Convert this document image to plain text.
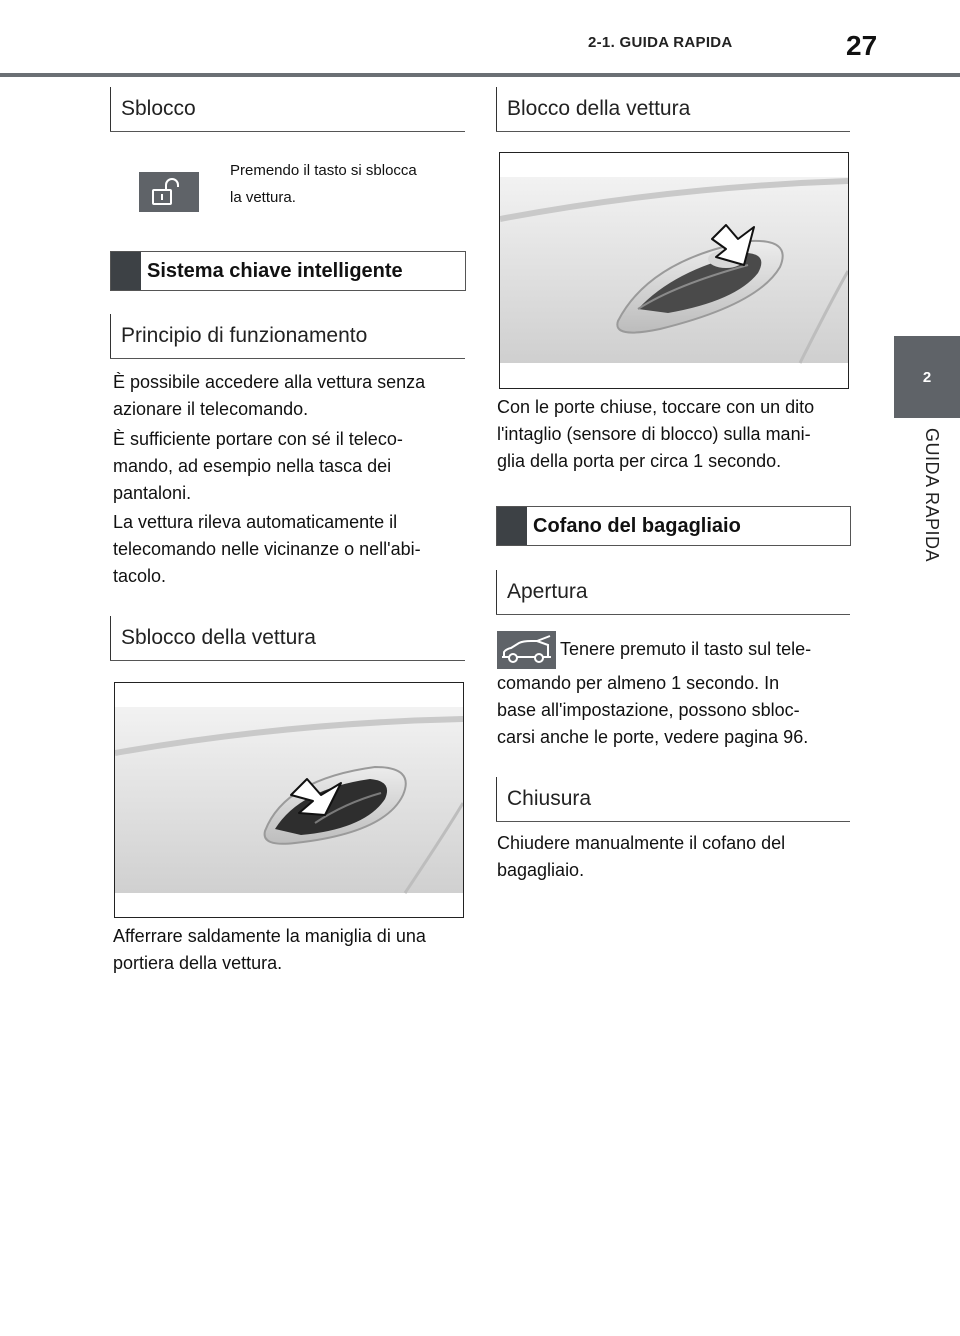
2-1. GUIDA RAPIDA	27
2
GUIDA RAPIDA
Sblocco
Premendo il tasto si sblocca
la vettura.
Sistema chiave intelligente
Principio di funzionamento
È possibile accedere alla vettura senza
azionare il telecomando.
È sufficiente portare con sé il teleco-
mando, ad esempio nella tasca dei
pantaloni.
La vettura rileva automaticamente il
telecomando nelle vicinanze o nell'abi-
tacolo.
Sblocco della vettura
Afferrare saldamente la maniglia di una
portiera della vettura.
Blocco della vettura
Con le porte chiuse, toccare con un dito
l'intaglio (sensore di blocco) sulla mani-
glia della porta per circa 1 secondo.
Cofano del bagagliaio
Apertura
Tenere premuto il tasto sul tele-
comando per almeno 1 secondo. In
base all'impostazione, possono sbloc-
carsi anche le porte, vedere pagina 96.
Chiusura
Chiudere manualmente il cofano del
bagagliaio.
